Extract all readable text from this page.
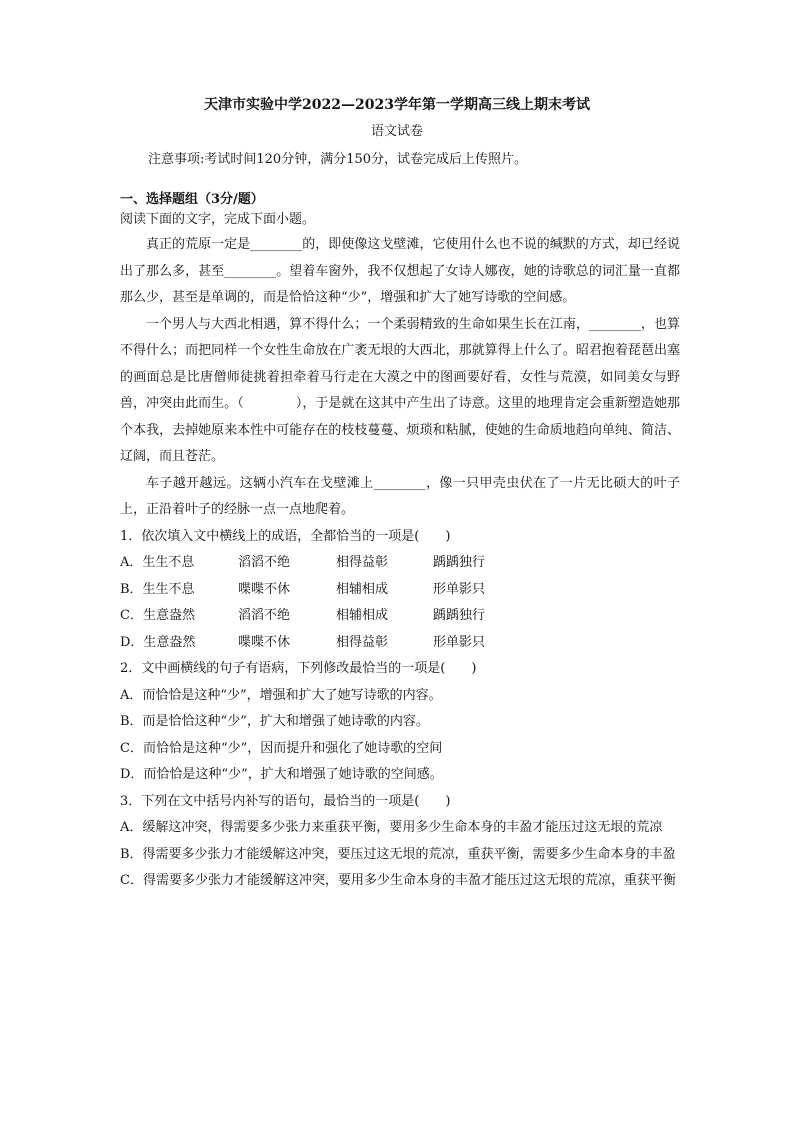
天津市实验中学2022—2023学年第一学期高三线上期末考试
语文试卷
注意事项:考试时间120分钟，满分150分，试卷完成后上传照片。
一、选择题组（3分/题）
阅读下面的文字，完成下面小题。

真正的荒原一定是________的，即使像这戈壁滩，它使用什么也不说的缄默的方式，却已经说出了那么多，甚至________。望着车窗外，我不仅想起了女诗人娜夜，她的诗歌总的词汇量一直都那么少，甚至是单调的，而是恰恰这种“少”，增强和扩大了她写诗歌的空间感。

一个男人与大西北相遇，算不得什么；一个柔弱精致的生命如果生长在江南，________，也算不得什么；而把同样一个女性生命放在广袤无垠的大西北，那就算得上什么了。昭君抱着琵琶出塞的画面总是比唐僧师徒挑着担牵着马行走在大漠之中的图画要好看，女性与荒漠，如同美女与野兽，冲突由此而生。（　　　　），于是就在这其中产生出了诗意。这里的地理肯定会重新塑造她那个本我，去掉她原来本性中可能存在的枝枝蔓蔓、烦琐和粘腻，使她的生命质地趋向单纯、简洁、辽阔，而且苍茫。

车子越开越远。这辆小汽车在戈壁滩上________，像一只甲壳虫伏在了一片无比硕大的叶子上，正沿着叶子的经脉一点一点地爬着。

1．依次填入文中横线上的成语，全都恰当的一项是(　　)

A．生生不息	滔滔不绝	相得益彰	踽踽独行

B．生生不息	喋喋不休	相辅相成	形单影只

C．生意盎然	滔滔不绝	相辅相成	踽踽独行

D．生意盎然	喋喋不休	相得益彰	形单影只

2．文中画横线的句子有语病，下列修改最恰当的一项是(　　)

A．而恰恰是这种“少”，增强和扩大了她写诗歌的内容。

B．而是恰恰这种“少”，扩大和增强了她诗歌的内容。

C．而恰恰是这种“少”，因而提升和强化了她诗歌的空间

D．而恰恰是这种“少”，扩大和增强了她诗歌的空间感。

3．下列在文中括号内补写的语句，最恰当的一项是(　　)

A．缓解这冲突，得需要多少张力来重获平衡，要用多少生命本身的丰盈才能压过这无垠的荒凉

B．得需要多少张力才能缓解这冲突，要压过这无垠的荒凉，重获平衡，需要多少生命本身的丰盈

C．得需要多少张力才能缓解这冲突，要用多少生命本身的丰盈才能压过这无垠的荒凉，重获平衡
